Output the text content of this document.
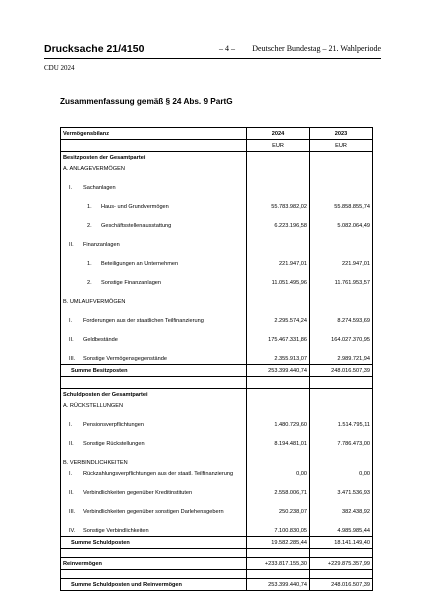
Drucksache 21/4150	– 4 – Deutscher Bundestag – 21. Wahlperiode
CDU 2024
Zusammenfassung gemäß § 24 Abs. 9 PartG
Vermögensbilanz	2024	2023
	EUR	EUR
Besitzposten der Gesamtpartei		
A. ANLAGEVERMÖGEN		

I. Sachanlagen		

1. Haus- und Grundvermögen	55.783.982,02	55.858.855,74

2. Geschäftsstellenausstattung	6.223.196,58	5.082.064,49

II. Finanzanlagen		

1. Beteiligungen an Unternehmen	221.947,01	221.947,01

2. Sonstige Finanzanlagen	11.051.495,96	11.761.953,57

B. UMLAUFVERMÖGEN		

I. Forderungen aus der staatlichen Teilfinanzierung	2.295.574,24	8.274.593,69

II. Geldbestände	175.467.331,86	164.027.370,95

III. Sonstige Vermögensgegenstände	2.355.913,07	2.989.721,94
Summe Besitzposten	253.399.440,74	248.016.507,39

Schuldposten der Gesamtpartei		
A. RÜCKSTELLUNGEN		

I. Pensionsverpflichtungen	1.480.729,60	1.514.795,11

II. Sonstige Rückstellungen	8.194.481,01	7.786.473,00

B. VERBINDLICHKEITEN		
I. Rückzahlungsverpflichtungen aus der staatl. Teilfinanzierung	0,00	0,00

II. Verbindlichkeiten gegenüber Kreditinstituten	2.558.006,71	3.471.536,93

III. Verbindlichkeiten gegenüber sonstigen Darlehensgebern	250.238,07	382.438,92

IV. Sonstige Verbindlichkeiten	7.100.830,05	4.985.985,44
Summe Schuldposten	19.582.285,44	18.141.149,40

Reinvermögen	+233.817.155,30	+229.875.357,99

Summe Schuldposten und Reinvermögen	253.399.440,74	248.016.507,39
